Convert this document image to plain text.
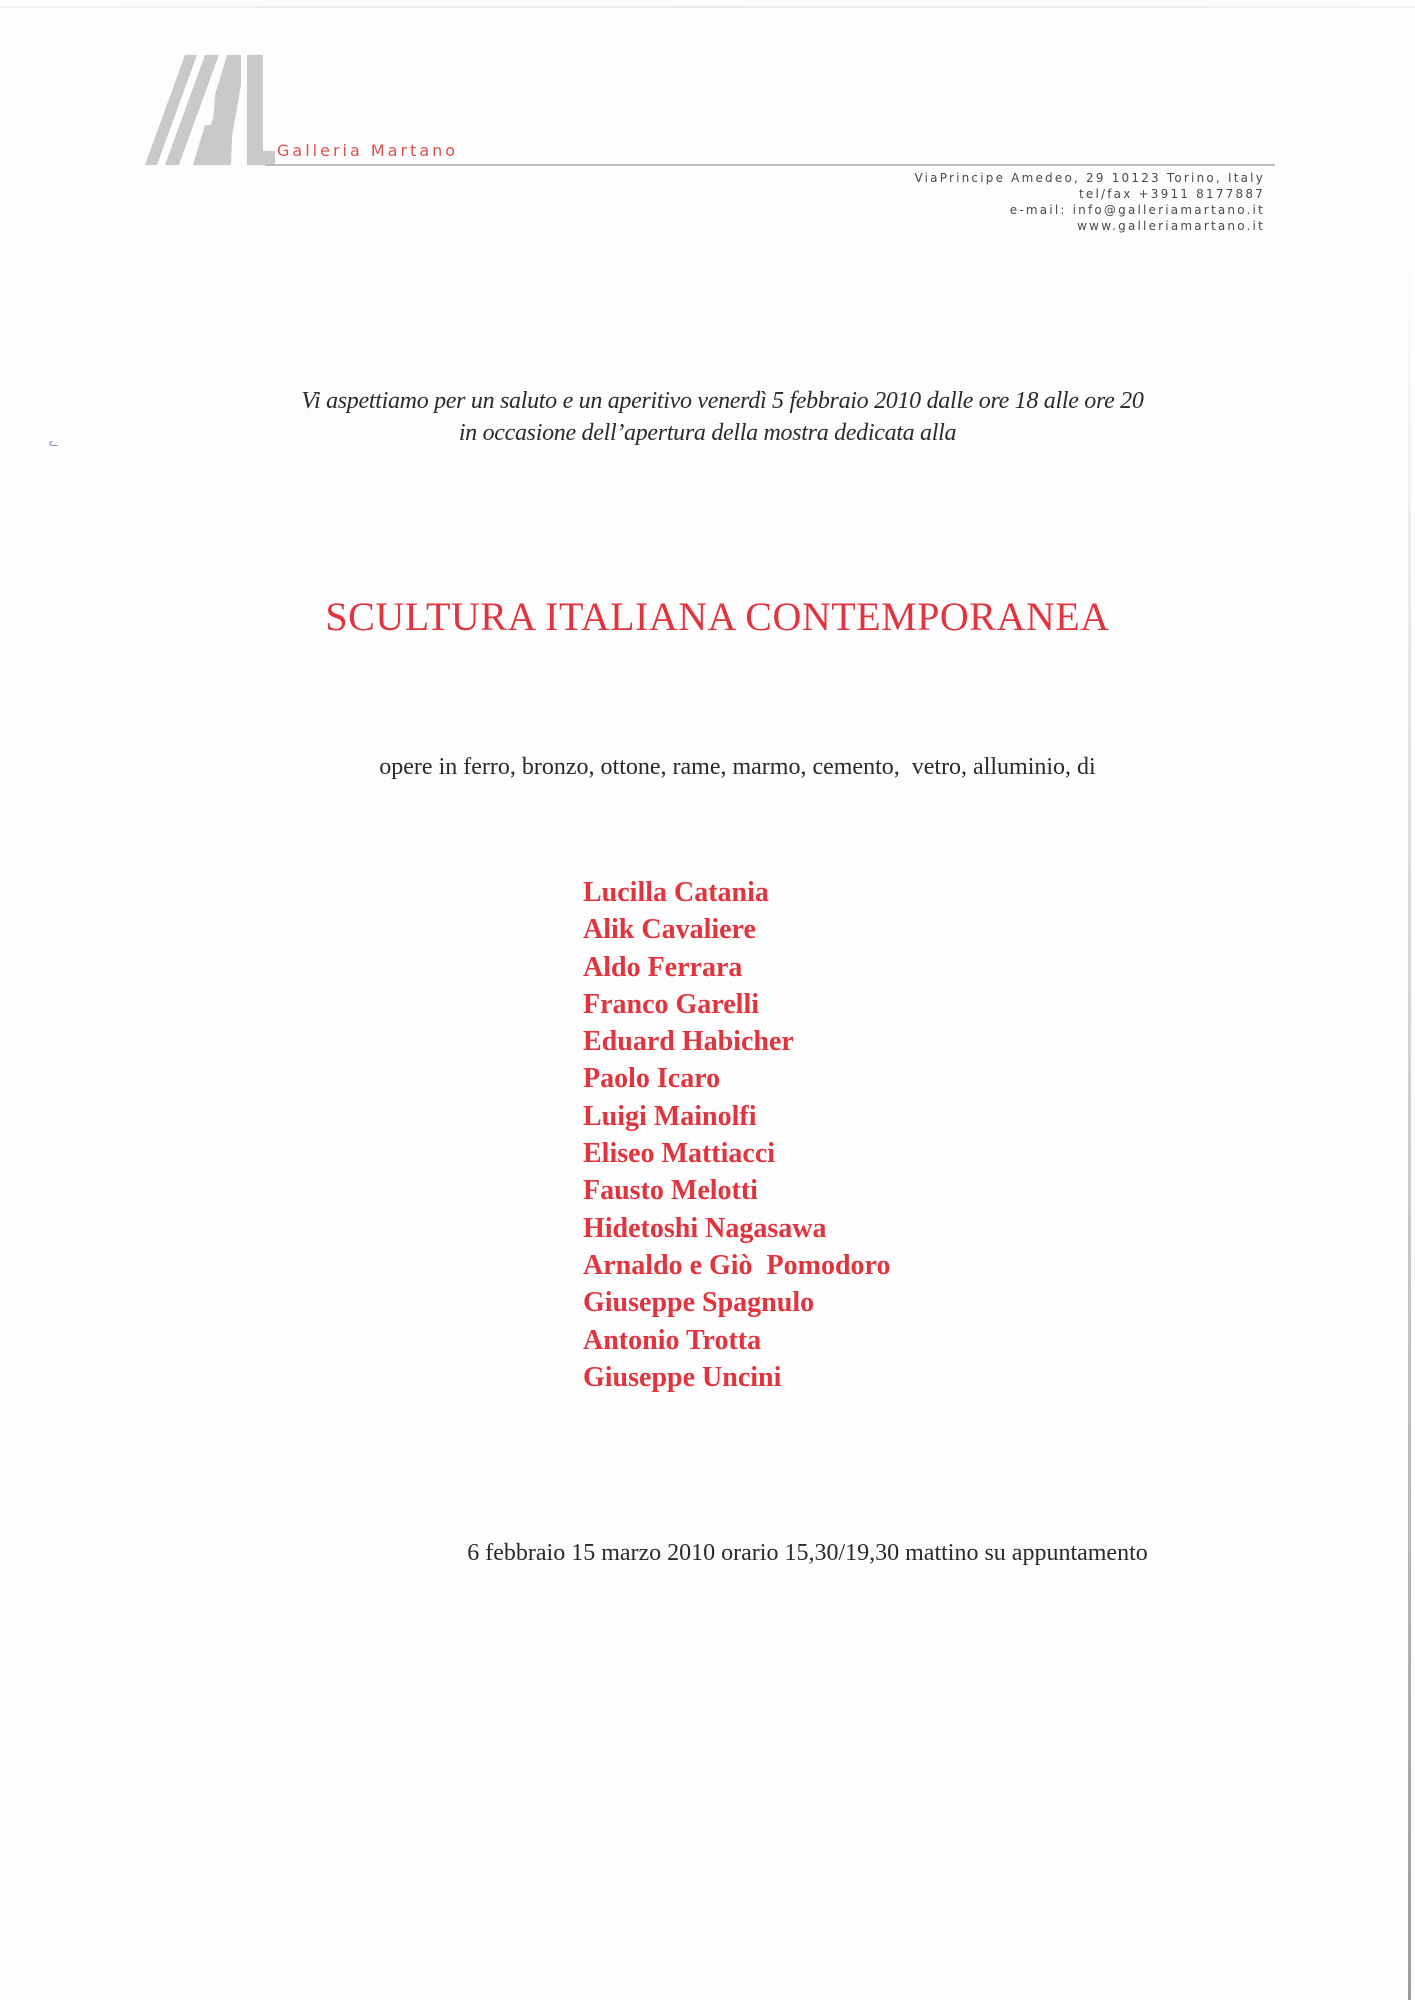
Galleria Martano
ViaPrincipe Amedeo, 29 10123 Torino, Italy
tel/fax +3911 8177887
e-mail: info@galleriamartano.it
www.galleriamartano.it
ᓚ
Vi aspettiamo per un saluto e un aperitivo venerdì 5 febbraio 2010 dalle ore 18 alle ore 20
in occasione dell’apertura della mostra dedicata alla
SCULTURA ITALIANA CONTEMPORANEA
opere in ferro, bronzo, ottone, rame, marmo, cemento,  vetro, alluminio, di
Lucilla Catania
Alik Cavaliere
Aldo Ferrara
Franco Garelli
Eduard Habicher
Paolo Icaro
Luigi Mainolfi
Eliseo Mattiacci
Fausto Melotti
Hidetoshi Nagasawa
Arnaldo e Giò  Pomodoro
Giuseppe Spagnulo
Antonio Trotta
Giuseppe Uncini
6 febbraio 15 marzo 2010 orario 15,30/19,30 mattino su appuntamento
